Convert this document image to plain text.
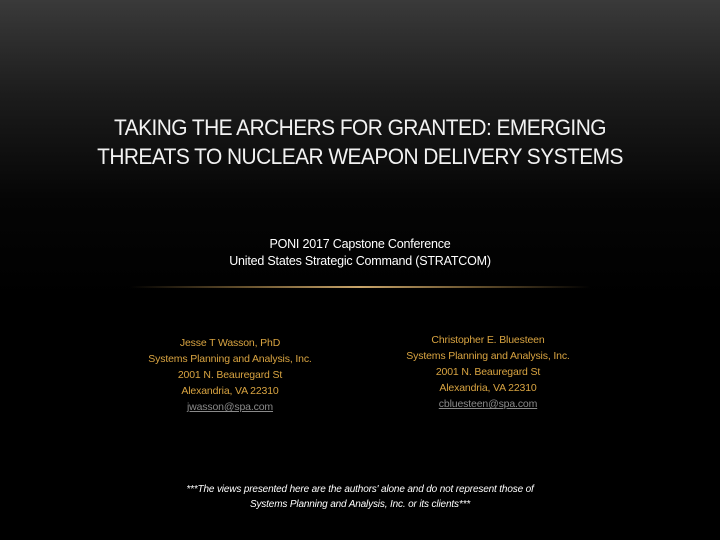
TAKING THE ARCHERS FOR GRANTED: EMERGING
THREATS TO NUCLEAR WEAPON DELIVERY SYSTEMS
PONI 2017 Capstone Conference
United States Strategic Command (STRATCOM)
Jesse T Wasson, PhD
Systems Planning and Analysis, Inc.
2001 N. Beauregard St
Alexandria, VA 22310
jwasson@spa.com
Christopher E. Bluesteen
Systems Planning and Analysis, Inc.
2001 N. Beauregard St
Alexandria, VA 22310
cbluesteen@spa.com
***The views presented here are the authors' alone and do not represent those of
Systems Planning and Analysis, Inc. or its clients***
